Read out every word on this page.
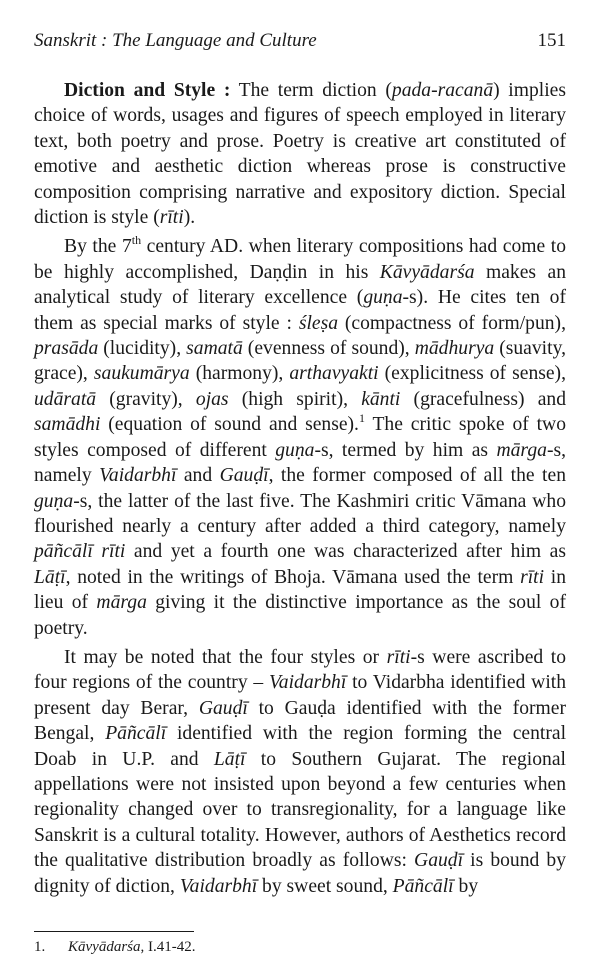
Sanskrit : The Language and Culture	151

Diction and Style : The term diction (pada-racanā) implies choice of words, usages and figures of speech employed in literary text, both poetry and prose. Poetry is creative art constituted of emotive and aesthetic diction whereas prose is constructive composition comprising narrative and expository diction. Special diction is style (rīti).

By the 7th century AD. when literary compositions had come to be highly accomplished, Daṇḍin in his Kāvyādarśa makes an analytical study of literary excellence (guṇa-s). He cites ten of them as special marks of style : śleṣa (compactness of form/pun), prasāda (lucidity), samatā (evenness of sound), mādhurya (suavity, grace), saukumārya (harmony), arthavyakti (explicitness of sense), udāratā (gravity), ojas (high spirit), kānti (gracefulness) and samādhi (equation of sound and sense).$^1$ The critic spoke of two styles composed of different guṇa-s, termed by him as mārga-s, namely Vaidarbhī and Gauḍī, the former composed of all the ten guṇa-s, the latter of the last five. The Kashmiri critic Vāmana who flourished nearly a century after added a third category, namely pāñcālī rīti and yet a fourth one was characterized after him as Lāṭī, noted in the writings of Bhoja. Vāmana used the term rīti in lieu of mārga giving it the distinctive importance as the soul of poetry.

It may be noted that the four styles or rīti-s were ascribed to four regions of the country – Vaidarbhī to Vidarbha identified with present day Berar, Gauḍī to Gauḍa identified with the former Bengal, Pāñcālī identified with the region forming the central Doab in U.P. and Lāṭī to Southern Gujarat. The regional appellations were not insisted upon beyond a few centuries when regionality changed over to transregionality, for a language like Sanskrit is a cultural totality. However, authors of Aesthetics record the qualitative distribution broadly as follows: Gauḍī is bound by dignity of diction, Vaidarbhī by sweet sound, Pāñcālī by

1. Kāvyādarśa, I.41-42.
